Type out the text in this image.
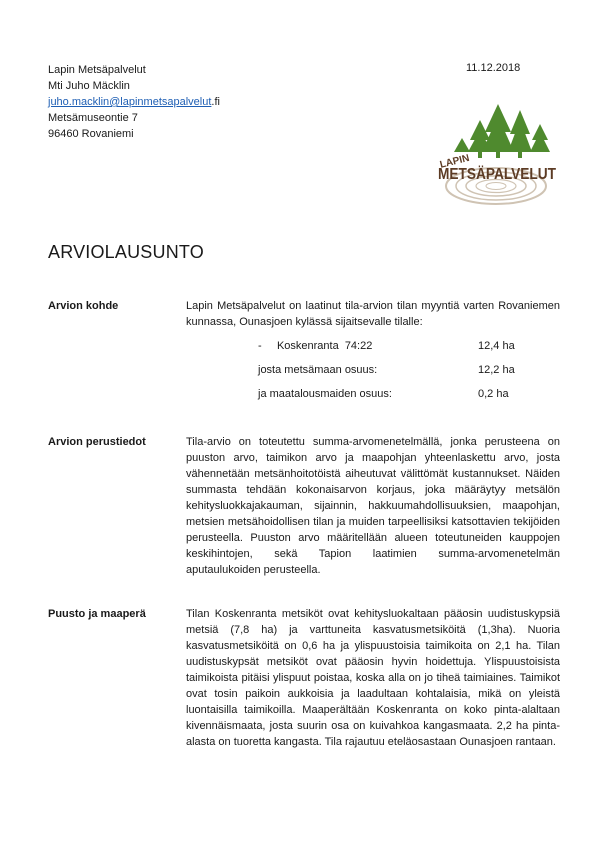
Lapin Metsäpalvelut
Mti Juho Mäcklin
juho.macklin@lapinmetsapalvelut.fi
Metsämuseontie 7
96460 Rovaniemi
11.12.2018
LAPIN
METSÄPALVELUT
ARVIOLAUSUNTO
Arvion kohde	Lapin Metsäpalvelut on laatinut tila-arvion tilan myyntiä varten Rovaniemen kunnassa, Ounasjoen kylässä sijaitsevalle tilalle:
-     Koskenranta  74:22	12,4 ha
josta metsämaan osuus:	12,2 ha
ja maatalousmaiden osuus:	0,2 ha
Arvion perustiedot	Tila-arvio on toteutettu summa-arvomenetelmällä, jonka perusteena on puuston arvo, taimikon arvo ja maapohjan yhteenlaskettu arvo, josta vähennetään metsänhoitotöistä aiheutuvat välittömät kustannukset. Näiden summasta tehdään kokonaisarvon korjaus, joka määräytyy metsälön kehitysluokkajakauman, sijainnin, hakkuumahdollisuuksien, maapohjan, metsien metsähoidollisen tilan ja muiden tarpeellisiksi katsottavien tekijöiden perusteella. Puuston arvo määritellään alueen toteutuneiden kauppojen keskihintojen, sekä Tapion laatimien summa-arvomenetelmän aputaulukoiden perusteella.
Puusto ja maaperä	Tilan Koskenranta metsiköt ovat kehitysluokaltaan pääosin uudistuskypsiä metsiä (7,8 ha) ja varttuneita kasvatusmetsiköitä (1,3ha). Nuoria kasvatusmetsiköitä on 0,6 ha ja ylispuustoisia taimikoita on 2,1 ha. Tilan uudistuskypsät metsiköt ovat pääosin hyvin hoidettuja. Ylispuustoisista taimikoista pitäisi ylispuut poistaa, koska alla on jo tiheä taimiaines. Taimikot ovat tosin paikoin aukkoisia ja laadultaan kohtalaisia, mikä on yleistä luontaisilla taimikoilla. Maaperältään Koskenranta on koko pinta-alaltaan kivennäismaata, josta suurin osa on kuivahkoa kangasmaata. 2,2 ha pinta-alasta on tuoretta kangasta. Tila rajautuu eteläosastaan Ounasjoen rantaan.
